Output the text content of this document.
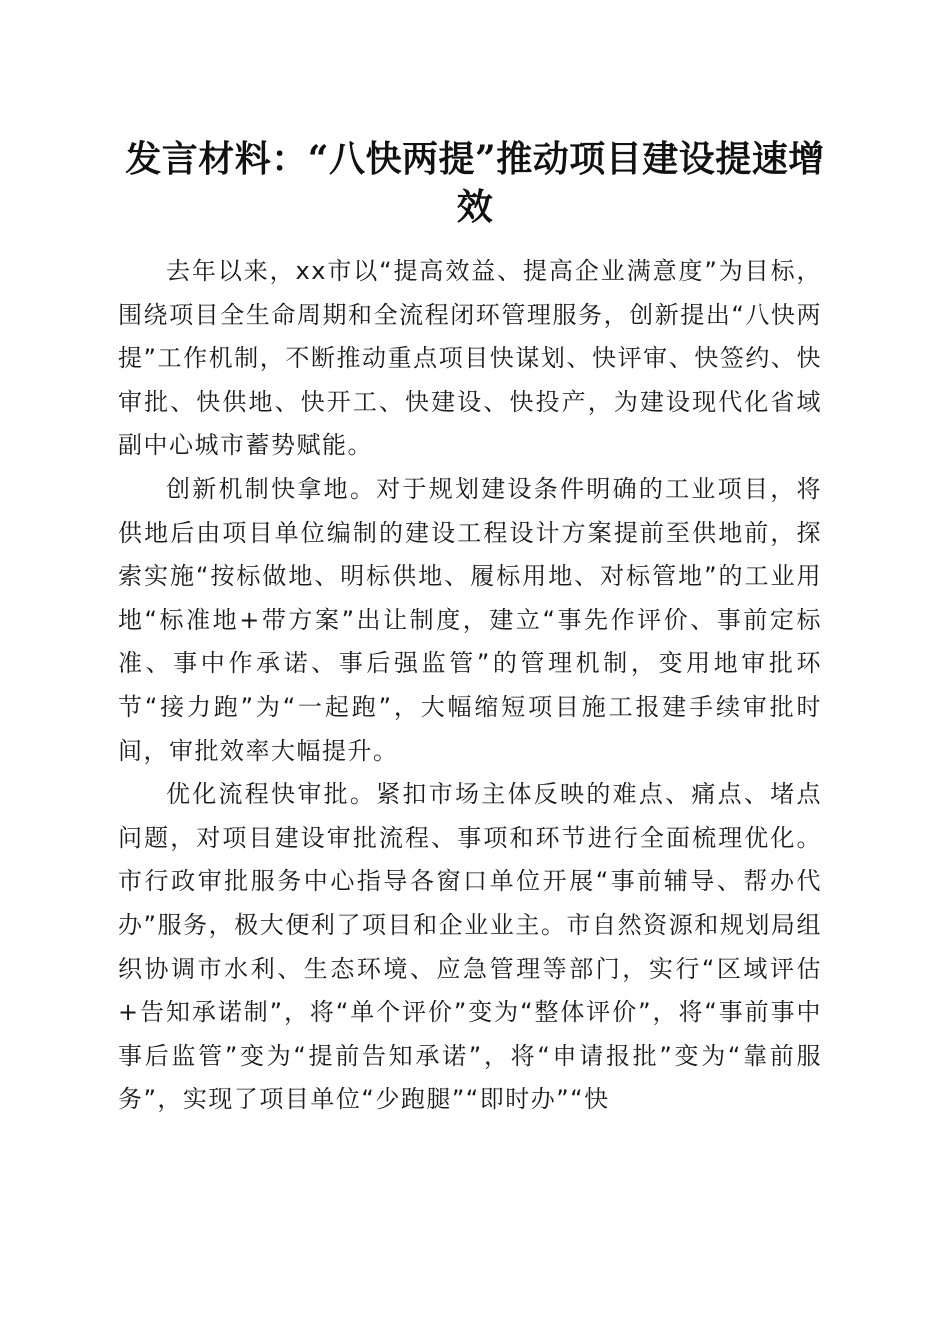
发言材料：“八快两提”推动项目建设提速增效

去年以来，xx市以“提高效益、提高企业满意度”为目标，围绕项目全生命周期和全流程闭环管理服务，创新提出“八快两提”工作机制，不断推动重点项目快谋划、快评审、快签约、快审批、快供地、快开工、快建设、快投产，为建设现代化省域副中心城市蓄势赋能。

创新机制快拿地。对于规划建设条件明确的工业项目，将供地后由项目单位编制的建设工程设计方案提前至供地前，探索实施“按标做地、明标供地、履标用地、对标管地”的工业用地“标准地+带方案”出让制度，建立“事先作评价、事前定标准、事中作承诺、事后强监管”的管理机制，变用地审批环节“接力跑”为“一起跑”，大幅缩短项目施工报建手续审批时间，审批效率大幅提升。

优化流程快审批。紧扣市场主体反映的难点、痛点、堵点问题，对项目建设审批流程、事项和环节进行全面梳理优化。市行政审批服务中心指导各窗口单位开展“事前辅导、帮办代办”服务，极大便利了项目和企业业主。市自然资源和规划局组织协调市水利、生态环境、应急管理等部门，实行“区域评估+告知承诺制”，将“单个评价”变为“整体评价”，将“事前事中事后监管”变为“提前告知承诺”，将“申请报批”变为“靠前服务”，实现了项目单位“少跑腿”“即时办”“快
